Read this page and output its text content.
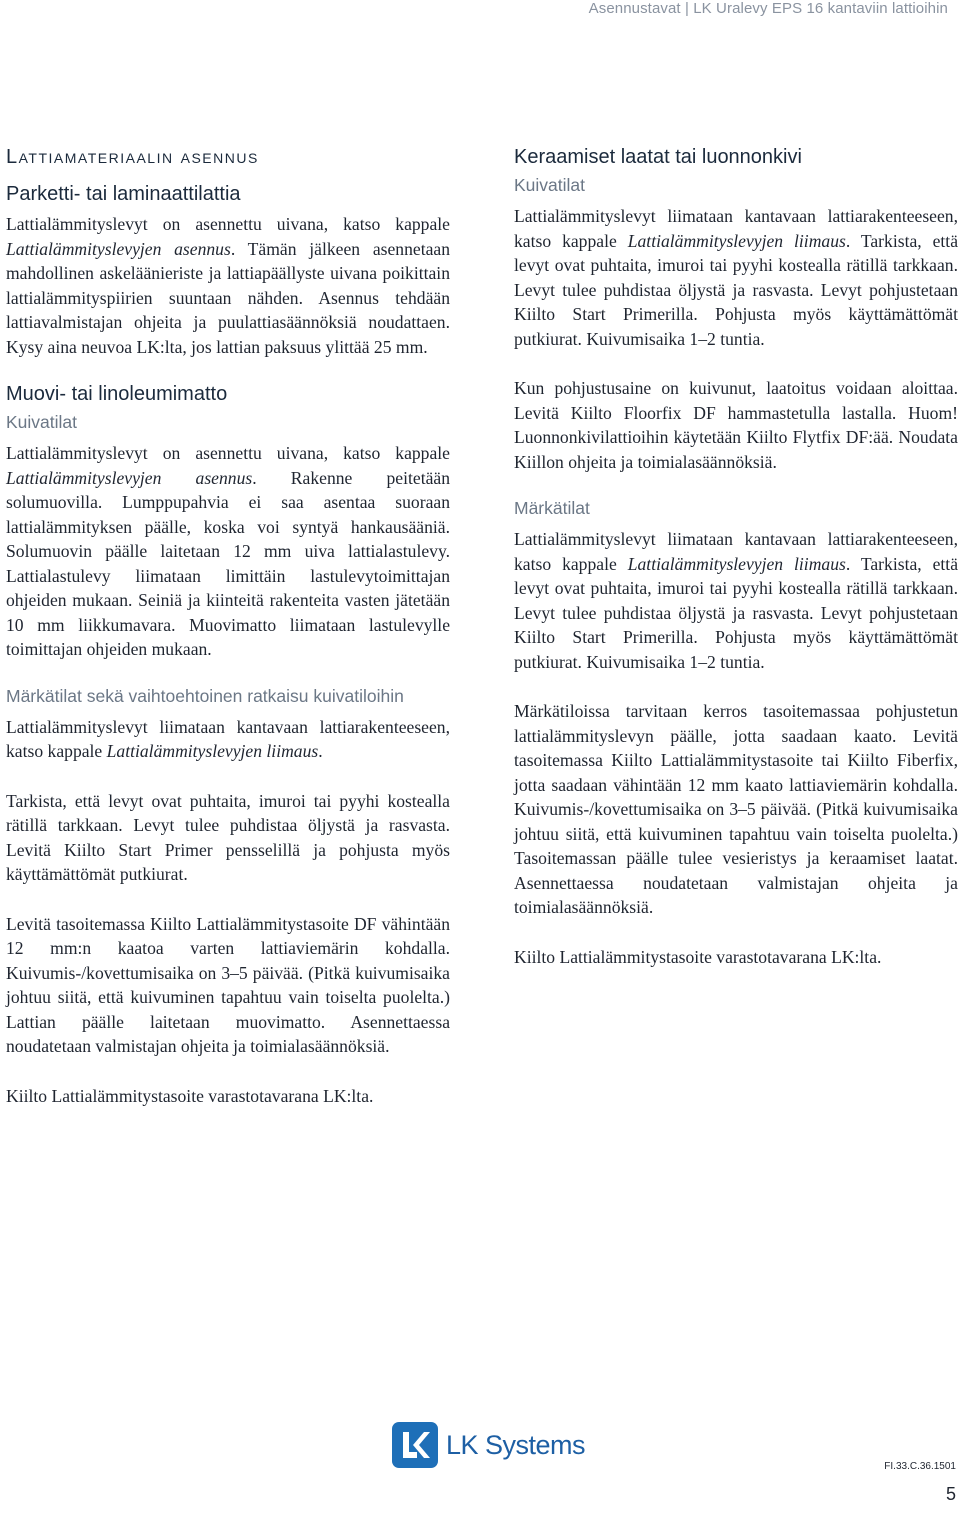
Asennustavat | LK Uralevy EPS 16 kantaviin lattioihin
Lattiamateriaalin asennus
Parketti- tai laminaattilattia

Lattialämmityslevyt on asennettu uivana, katso kappale Lattialämmityslevyjen asennus. Tämän jälkeen asennetaan mahdollinen askeläänieriste ja lattiapäällyste uivana poikittain lattialämmityspiirien suuntaan nähden. Asennus tehdään lattiavalmistajan ohjeita ja puulattiasäännöksiä noudattaen. Kysy aina neuvoa LK:lta, jos lattian paksuus ylittää 25 mm.

Muovi- tai linoleumimatto
Kuivatilat

Lattialämmityslevyt on asennettu uivana, katso kappale Lattialämmityslevyjen asennus. Rakenne peitetään solumuovilla. Lumppupahvia ei saa asentaa suoraan lattialämmityksen päälle, koska voi syntyä hankausääniä. Solumuovin päälle laitetaan 12 mm uiva lattialastulevy. Lattialastulevy liimataan limittäin lastulevytoimittajan ohjeiden mukaan. Seiniä ja kiinteitä rakenteita vasten jätetään 10 mm liikkumavara. Muovimatto liimataan lastulevylle toimittajan ohjeiden mukaan.

Märkätilat sekä vaihtoehtoinen ratkaisu kuivatiloihin

Lattialämmityslevyt liimataan kantavaan lattiarakenteeseen, katso kappale Lattialämmityslevyjen liimaus.

Tarkista, että levyt ovat puhtaita, imuroi tai pyyhi kostealla rätillä tarkkaan. Levyt tulee puhdistaa öljystä ja rasvasta. Levitä Kiilto Start Primer pensselillä ja pohjusta myös käyttämättömät putkiurat.

Levitä tasoitemassa Kiilto Lattialämmitystasoite DF vähintään 12 mm:n kaatoa varten lattiaviemärin kohdalla. Kuivumis-/kovettumisaika on 3–5 päivää. (Pitkä kuivumisaika johtuu siitä, että kuivuminen tapahtuu vain toiselta puolelta.) Lattian päälle laitetaan muovimatto. Asennettaessa noudatetaan valmistajan ohjeita ja toimialasäännöksiä.

Kiilto Lattialämmitystasoite varastotavarana LK:lta.

Keraamiset laatat tai luonnonkivi
Kuivatilat

Lattialämmityslevyt liimataan kantavaan lattiarakenteeseen, katso kappale Lattialämmityslevyjen liimaus. Tarkista, että levyt ovat puhtaita, imuroi tai pyyhi kostealla rätillä tarkkaan. Levyt tulee puhdistaa öljystä ja rasvasta. Levyt pohjustetaan Kiilto Start Primerilla. Pohjusta myös käyttämättömät putkiurat. Kuivumisaika 1–2 tuntia.

Kun pohjustusaine on kuivunut, laatoitus voidaan aloittaa. Levitä Kiilto Floorfix DF hammastetulla lastalla. Huom! Luonnonkivilattioihin käytetään Kiilto Flytfix DF:ää. Noudata Kiillon ohjeita ja toimialasäännöksiä.

Märkätilat

Lattialämmityslevyt liimataan kantavaan lattiarakenteeseen, katso kappale Lattialämmityslevyjen liimaus. Tarkista, että levyt ovat puhtaita, imuroi tai pyyhi kostealla rätillä tarkkaan. Levyt tulee puhdistaa öljystä ja rasvasta. Levyt pohjustetaan Kiilto Start Primerilla. Pohjusta myös käyttämättömät putkiurat. Kuivumisaika 1–2 tuntia.

Märkätiloissa tarvitaan kerros tasoitemassaa pohjustetun lattialämmityslevyn päälle, jotta saadaan kaato. Levitä tasoitemassa Kiilto Lattialämmitystasoite tai Kiilto Fiberfix, jotta saadaan vähintään 12 mm kaato lattiaviemärin kohdalla. Kuivumis-/kovettumisaika on 3–5 päivää. (Pitkä kuivumisaika johtuu siitä, että kuivuminen tapahtuu vain toiselta puolelta.) Tasoitemassan päälle tulee vesieristys ja keraamiset laatat. Asennettaessa noudatetaan valmistajan ohjeita ja toimialasäännöksiä.

Kiilto Lattialämmitystasoite varastotavarana LK:lta.

LK Systems
FI.33.C.36.1501
5
